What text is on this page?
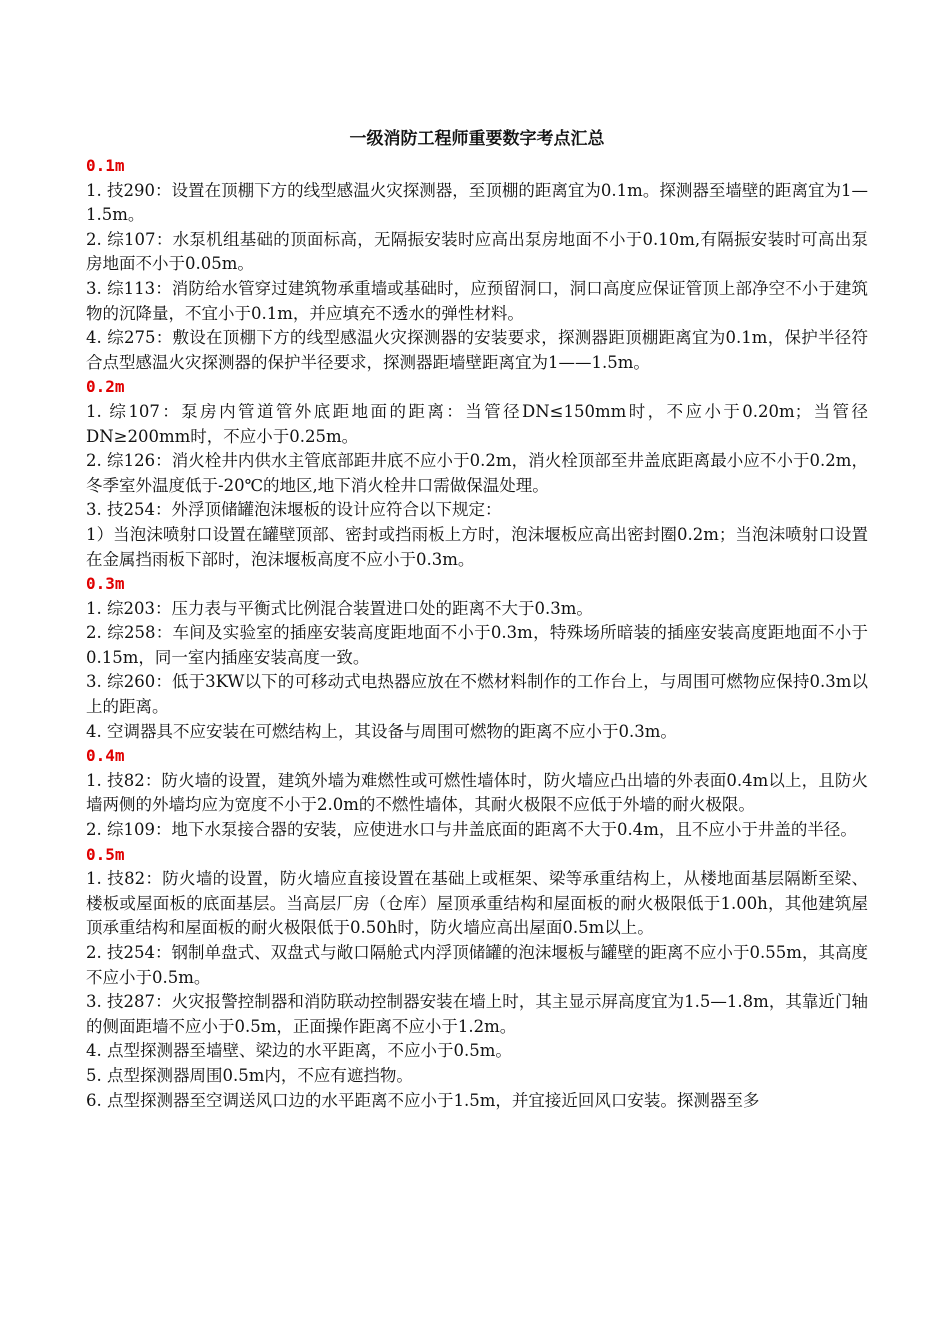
一级消防工程师重要数字考点汇总

0.1m

1. 技290：设置在顶棚下方的线型感温火灾探测器，至顶棚的距离宜为0.1m。探测器至墙壁的距离宜为1—1.5m。

2. 综107：水泵机组基础的顶面标高，无隔振安装时应高出泵房地面不小于0.10m,有隔振安装时可高出泵房地面不小于0.05m。

3. 综113：消防给水管穿过建筑物承重墙或基础时，应预留洞口，洞口高度应保证管顶上部净空不小于建筑物的沉降量，不宜小于0.1m，并应填充不透水的弹性材料。

4. 综275：敷设在顶棚下方的线型感温火灾探测器的安装要求，探测器距顶棚距离宜为0.1m，保护半径符合点型感温火灾探测器的保护半径要求，探测器距墙壁距离宜为1——1.5m。

0.2m

1. 综107：泵房内管道管外底距地面的距离：当管径DN≤150mm时，不应小于0.20m；当管径DN≥200mm时，不应小于0.25m。

2. 综126：消火栓井内供水主管底部距井底不应小于0.2m，消火栓顶部至井盖底距离最小应不小于0.2m，冬季室外温度低于-20℃的地区,地下消火栓井口需做保温处理。

3. 技254：外浮顶储罐泡沫堰板的设计应符合以下规定：

1）当泡沫喷射口设置在罐壁顶部、密封或挡雨板上方时，泡沫堰板应高出密封圈0.2m；当泡沫喷射口设置在金属挡雨板下部时，泡沫堰板高度不应小于0.3m。

0.3m

1. 综203：压力表与平衡式比例混合装置进口处的距离不大于0.3m。

2. 综258：车间及实验室的插座安装高度距地面不小于0.3m，特殊场所暗装的插座安装高度距地面不小于0.15m，同一室内插座安装高度一致。

3. 综260：低于3KW以下的可移动式电热器应放在不燃材料制作的工作台上，与周围可燃物应保持0.3m以上的距离。

4. 空调器具不应安装在可燃结构上，其设备与周围可燃物的距离不应小于0.3m。

0.4m

1. 技82：防火墙的设置，建筑外墙为难燃性或可燃性墙体时，防火墙应凸出墙的外表面0.4m以上，且防火墙两侧的外墙均应为宽度不小于2.0m的不燃性墙体，其耐火极限不应低于外墙的耐火极限。

2. 综109：地下水泵接合器的安装，应使进水口与井盖底面的距离不大于0.4m，且不应小于井盖的半径。

0.5m

1. 技82：防火墙的设置，防火墙应直接设置在基础上或框架、梁等承重结构上，从楼地面基层隔断至梁、楼板或屋面板的底面基层。当高层厂房（仓库）屋顶承重结构和屋面板的耐火极限低于1.00h，其他建筑屋顶承重结构和屋面板的耐火极限低于0.50h时，防火墙应高出屋面0.5m以上。

2. 技254：钢制单盘式、双盘式与敞口隔舱式内浮顶储罐的泡沫堰板与罐壁的距离不应小于0.55m，其高度不应小于0.5m。

3. 技287：火灾报警控制器和消防联动控制器安装在墙上时，其主显示屏高度宜为1.5—1.8m，其靠近门轴的侧面距墙不应小于0.5m，正面操作距离不应小于1.2m。

4. 点型探测器至墙壁、梁边的水平距离，不应小于0.5m。

5. 点型探测器周围0.5m内，不应有遮挡物。

6. 点型探测器至空调送风口边的水平距离不应小于1.5m，并宜接近回风口安装。探测器至多
